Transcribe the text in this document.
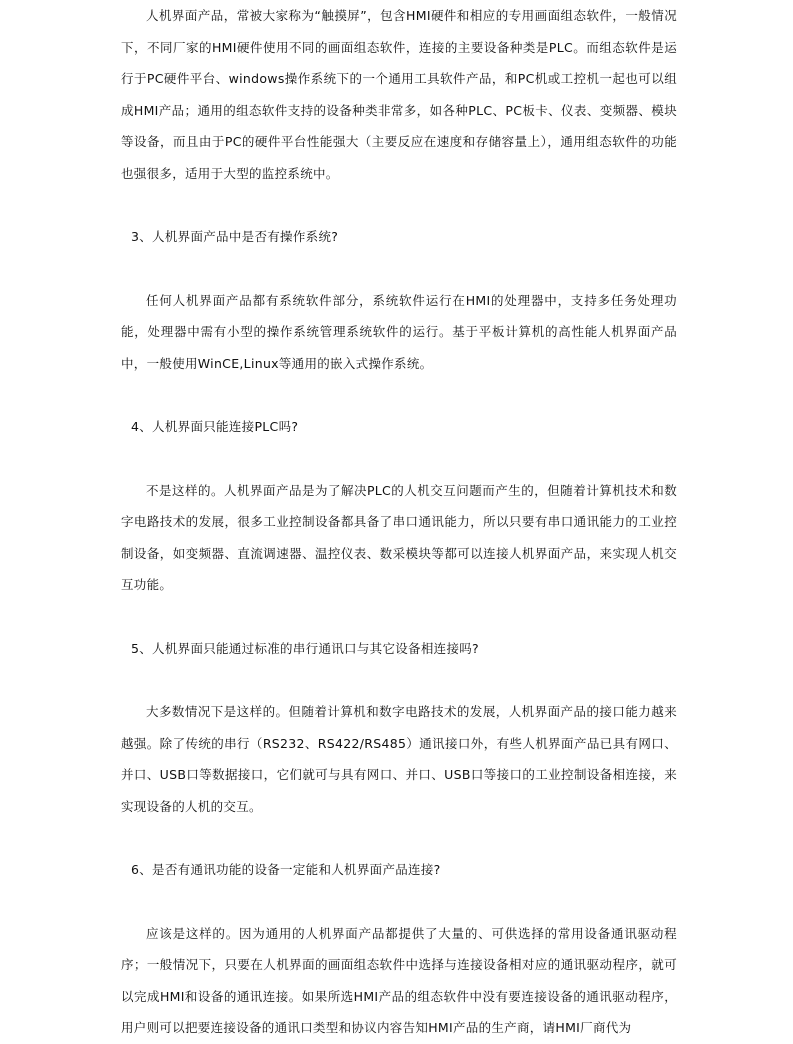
人机界面产品，常被大家称为“触摸屏”，包含HMI硬件和相应的专用画面组态软件，一般情况下，不同厂家的HMI硬件使用不同的画面组态软件，连接的主要设备种类是PLC。而组态软件是运行于PC硬件平台、windows操作系统下的一个通用工具软件产品，和PC机或工控机一起也可以组成HMI产品；通用的组态软件支持的设备种类非常多，如各种PLC、PC板卡、仪表、变频器、模块等设备，而且由于PC的硬件平台性能强大（主要反应在速度和存储容量上），通用组态软件的功能也强很多，适用于大型的监控系统中。

3、人机界面产品中是否有操作系统?

任何人机界面产品都有系统软件部分，系统软件运行在HMI的处理器中，支持多任务处理功能，处理器中需有小型的操作系统管理系统软件的运行。基于平板计算机的高性能人机界面产品中，一般使用WinCE,Linux等通用的嵌入式操作系统。

4、人机界面只能连接PLC吗?

不是这样的。人机界面产品是为了解决PLC的人机交互问题而产生的，但随着计算机技术和数字电路技术的发展，很多工业控制设备都具备了串口通讯能力，所以只要有串口通讯能力的工业控制设备，如变频器、直流调速器、温控仪表、数采模块等都可以连接人机界面产品，来实现人机交互功能。

5、人机界面只能通过标准的串行通讯口与其它设备相连接吗?

大多数情况下是这样的。但随着计算机和数字电路技术的发展，人机界面产品的接口能力越来越强。除了传统的串行（RS232、RS422/RS485）通讯接口外，有些人机界面产品已具有网口、并口、USB口等数据接口，它们就可与具有网口、并口、USB口等接口的工业控制设备相连接，来实现设备的人机的交互。

6、是否有通讯功能的设备一定能和人机界面产品连接?

应该是这样的。因为通用的人机界面产品都提供了大量的、可供选择的常用设备通讯驱动程序；一般情况下，只要在人机界面的画面组态软件中选择与连接设备相对应的通讯驱动程序，就可以完成HMI和设备的通讯连接。如果所选HMI产品的组态软件中没有要连接设备的通讯驱动程序，用户则可以把要连接设备的通讯口类型和协议内容告知HMI产品的生产商，请HMI厂商代为
